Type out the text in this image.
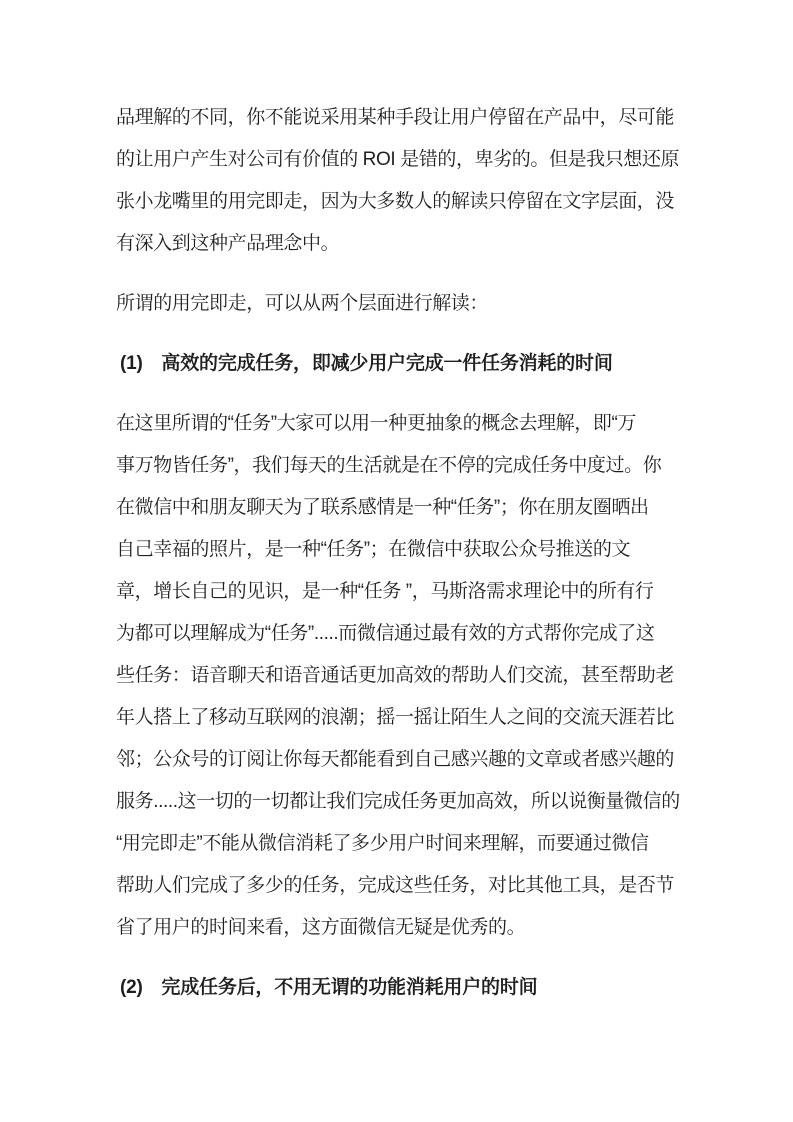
品理解的不同，你不能说采用某种手段让用户停留在产品中，尽可能
的让用户产生对公司有价值的 ROI 是错的，卑劣的。但是我只想还原
张小龙嘴里的用完即走，因为大多数人的解读只停留在文字层面，没
有深入到这种产品理念中。

所谓的用完即走，可以从两个层面进行解读：

(1)　高效的完成任务，即减少用户完成一件任务消耗的时间

在这里所谓的“任务”大家可以用一种更抽象的概念去理解，即“万
事万物皆任务”，我们每天的生活就是在不停的完成任务中度过。你
在微信中和朋友聊天为了联系感情是一种“任务”；你在朋友圈晒出
自己幸福的照片，是一种“任务”；在微信中获取公众号推送的文
章，增长自己的见识，是一种“任务 ”，马斯洛需求理论中的所有行
为都可以理解成为“任务”.....而微信通过最有效的方式帮你完成了这
些任务：语音聊天和语音通话更加高效的帮助人们交流，甚至帮助老
年人搭上了移动互联网的浪潮；摇一摇让陌生人之间的交流天涯若比
邻；公众号的订阅让你每天都能看到自己感兴趣的文章或者感兴趣的
服务.....这一切的一切都让我们完成任务更加高效，所以说衡量微信的
“用完即走”不能从微信消耗了多少用户时间来理解，而要通过微信
帮助人们完成了多少的任务，完成这些任务，对比其他工具，是否节
省了用户的时间来看，这方面微信无疑是优秀的。

(2)　完成任务后，不用无谓的功能消耗用户的时间
